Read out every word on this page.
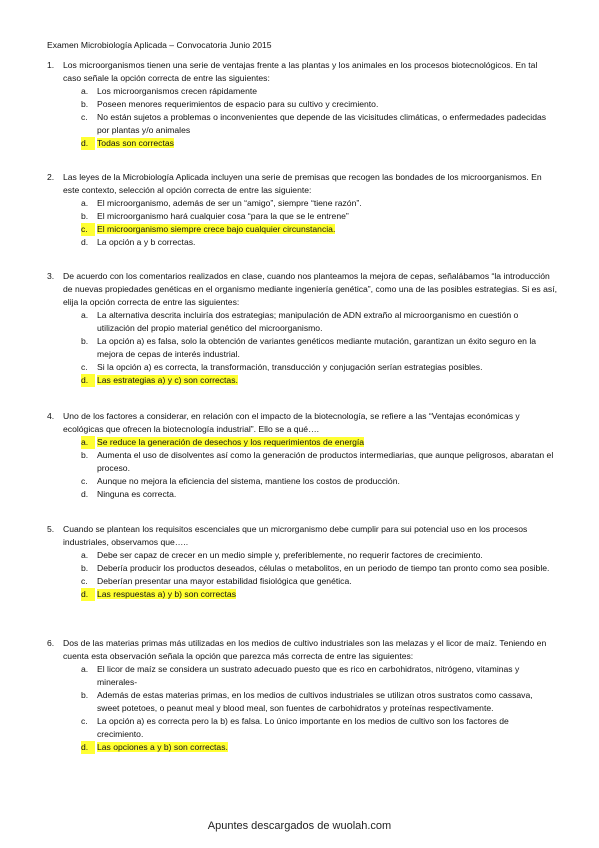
Examen Microbiología Aplicada – Convocatoria Junio 2015
1.	Los microorganismos tienen una serie de ventajas frente a las plantas y los animales en los procesos biotecnológicos. En tal caso señale la opción correcta de entre las siguientes:
a.	Los microorganismos crecen rápidamente
b.	Poseen menores requerimientos de espacio para su cultivo y crecimiento.
c.	No están sujetos a problemas o inconvenientes que depende de las vicisitudes climáticas, o enfermedades padecidas por plantas y/o animales
d.	Todas son correctas
2.	Las leyes de la Microbiología Aplicada incluyen una serie de premisas que recogen las bondades de los microorganismos. En este contexto, selección al opción correcta de entre las siguiente:
a.	El microorganismo, además de ser un “amigo”, siempre “tiene razón”.
b.	El microorganismo hará cualquier cosa “para la que se le entrene”
c.	El microorganismo siempre crece bajo cualquier circunstancia.
d.	La opción a y b correctas.
3.	De acuerdo con los comentarios realizados en clase, cuando nos planteamos la mejora de cepas, señalábamos “la introducción de nuevas propiedades genéticas en el organismo mediante ingeniería genética”, como una de las posibles estrategias. Si es así, elija la opción correcta de entre las siguientes:
a.	La alternativa descrita incluiría dos estrategias; manipulación de ADN extraño al microorganismo en cuestión o utilización del propio material genético del microorganismo.
b.	La opción a) es falsa, solo la obtención de variantes genéticos mediante mutación, garantizan un éxito seguro en la mejora de cepas de interés industrial.
c.	Si la opción a) es correcta, la transformación, transducción y conjugación serían estrategias posibles.
d.	Las estrategias a) y c) son correctas.
4.	Uno de los factores a considerar, en relación con el impacto de la biotecnología, se refiere a las “Ventajas económicas y ecológicas que ofrecen la biotecnología industrial”. Ello se a qué….
a.	Se reduce la generación de desechos y los requerimientos de energía
b.	Aumenta el uso de disolventes así como la generación de productos intermediarias, que aunque peligrosos, abaratan el proceso.
c.	Aunque no mejora la eficiencia del sistema, mantiene los costos de producción.
d.	Ninguna es correcta.
5.	Cuando se plantean los requisitos escenciales que un microrganismo debe cumplir para sui potencial uso en los procesos industriales, observamos que…..
a.	Debe ser capaz de crecer en un medio simple y, preferiblemente, no requerir factores de crecimiento.
b.	Debería producir los productos deseados, células o metabolitos, en un periodo de tiempo tan pronto como sea posible.
c.	Deberían presentar una mayor estabilidad fisiológica que genética.
d.	Las respuestas a) y b) son correctas
6.	Dos de las materias primas más utilizadas en los medios de cultivo industriales son las melazas y el licor de maíz. Teniendo en cuenta esta observación señala la opción que parezca más correcta de entre las siguientes:
a.	El licor de maíz se considera un sustrato adecuado puesto que es rico en carbohidratos, nitrógeno, vitaminas y minerales-
b.	Además de estas materias primas, en los medios de cultivos industriales se utilizan otros sustratos como cassava, sweet potetoes, o peanut meal y blood meal, son fuentes de carbohidratos y proteínas respectivamente.
c.	La opción a) es correcta pero la b) es falsa. Lo único importante en los medios de cultivo son los factores de crecimiento.
d.	Las opciones a y b) son correctas.
Apuntes descargados de wuolah.com
